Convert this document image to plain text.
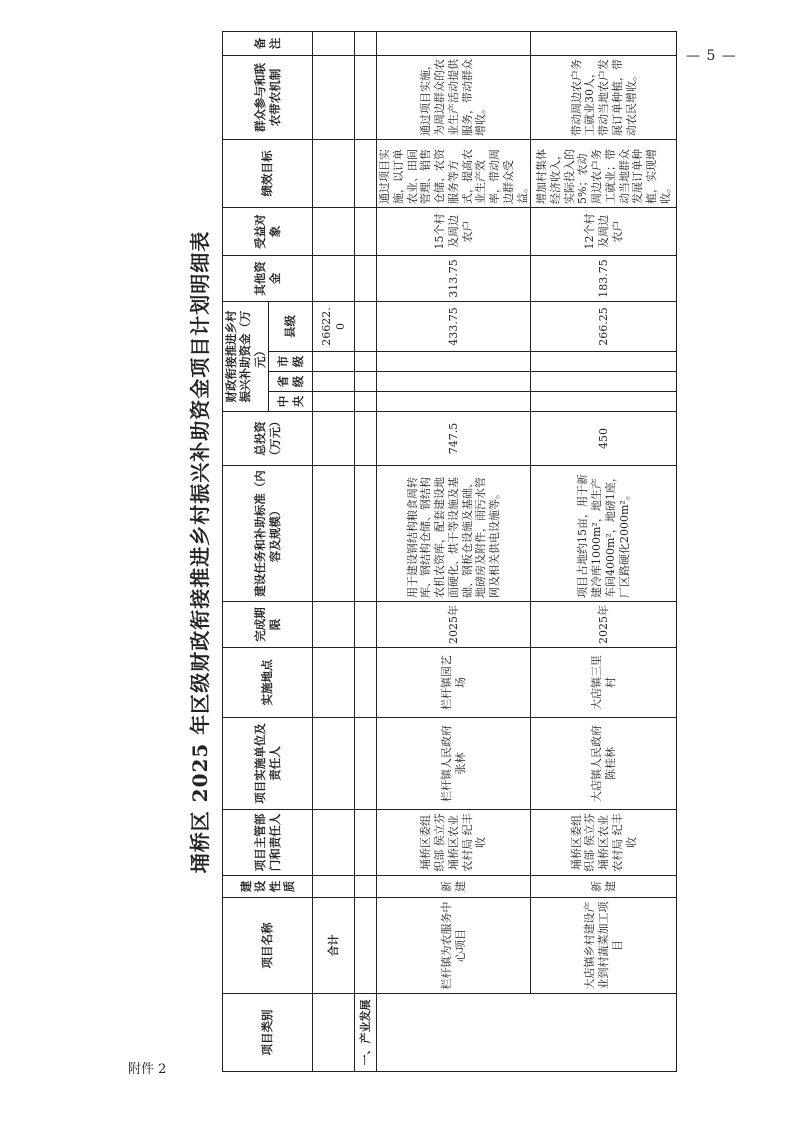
附件 2
— 5 —
埇桥区 2025 年区级财政衔接推进乡村振兴补助资金项目计划明细表
项目类别	项目名称	建设性质	项目主管部门和责任人	项目实施单位及责任人	实施地点	完成期限	建设任务和补助标准（内容及规模）	总投资（万元）	财政衔接推进乡村振兴补助资金（万元）				其他资金	受益对象	绩效目标	群众参与和联农带农机制	备注
									中央	省级	市级	县级					

	合计											26622.0					
一、产业发展																	
	栏杆镇为农服务中心项目	新建	埇桥区委组织部 侯立芬 埇桥区农业农村局 纪丰收	栏杆镇人民政府 张林	栏杆镇园艺场	2025年	用于建设钢结构粮食周转库、钢结构仓储、钢结构农机农资库，配套建设地面硬化、烘干等设施及基础、钢板仓设施及基础、地磅房及附件，雨污水管网及相关供电设施等。	747.5				433.75	313.75	15个村及周边农户	通过项目实施，以订单农业、田间管理、销售仓储、农资服务等方式，提高农业生产效率，带动周边群众受益。	通过项目实施，为周边群众的农业生产活动提供服务，带动群众增收。	
	大店镇乡村建设产业到村蔬菜加工项目	新建	埇桥区委组织部 侯立芬 埇桥区农业农村局 纪丰收	大店镇人民政府 陈桂林	大店镇三里村	2025年	项目占地约15亩，用于新建冷库1000m²，地生产车间4000m²，地磅1座，厂区路硬化2000m²。	450				266.25	183.75	12个村及周边农户	增加村集体经济收入，实际投入的5%；农动周边农户务工就业；带动当地群众发展订单种植，实现增收。	带动周边农户务工就业30人，带动当地农户发展订单种植，带动农民增收。	
